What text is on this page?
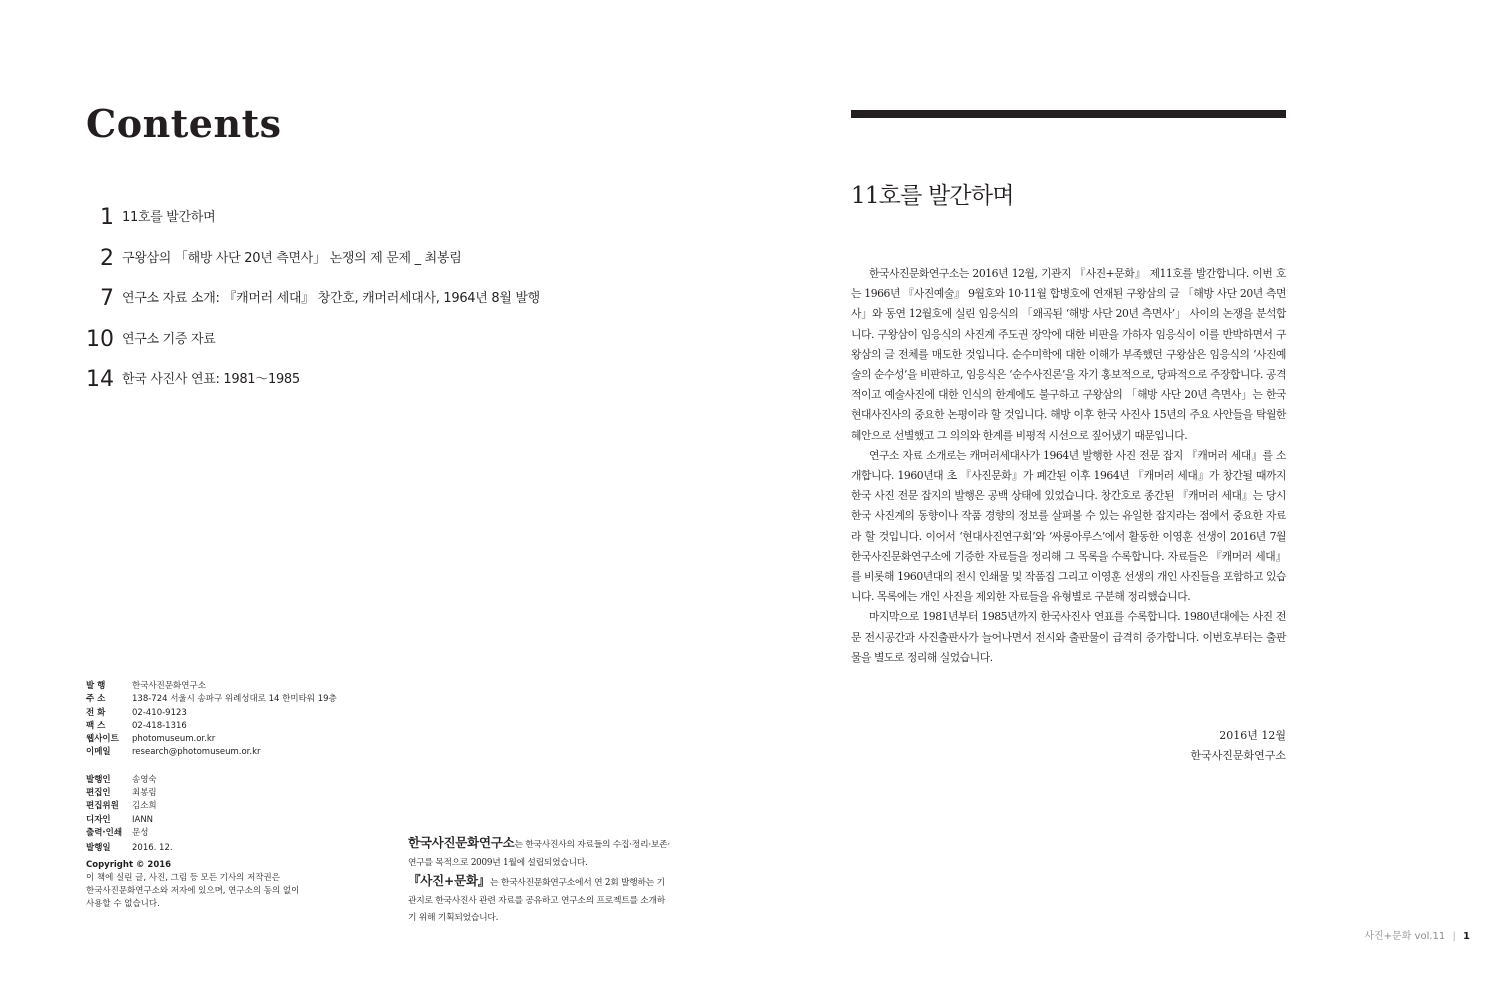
Contents
1 11호를 발간하며
2 구왕삼의 「해방 사단 20년 측면사」 논쟁의 제 문제 _ 최봉림
7 연구소 자료 소개: 『캐머러 세대』 창간호, 캐머러세대사, 1964년 8월 발행
10 연구소 기증 자료
14 한국 사진사 연표: 1981〜1985
발 행	한국사진문화연구소
주 소	138-724 서울시 송파구 위례성대로 14 한미타워 19층
전 화	02-410-9123
팩 스	02-418-1316
웹사이트	photomuseum.or.kr
이메일	research@photomuseum.or.kr
발행인	송영숙
편집인	최봉림
편집위원	김소희
디자인	IANN
출력·인쇄	문성
발행일	2016. 12.
Copyright © 2016
이 책에 실린 글, 사진, 그림 등 모든 기사의 저작권은
한국사진문화연구소와 저자에 있으며, 연구소의 동의 없이
사용할 수 없습니다.
한국사진문화연구소는 한국사진사의 자료들의 수집·정리·보존·연구를 목적으로 2009년 1월에 설립되었습니다.
『사진+문화』는 한국사진문화연구소에서 연 2회 발행하는 기관지로 한국사진사 관련 자료를 공유하고 연구소의 프로젝트를 소개하기 위해 기획되었습니다.
11호를 발간하며

한국사진문화연구소는 2016년 12월, 기관지 『사진+문화』 제11호를 발간합니다. 이번 호는 1966년 『사진예술』 9월호와 10·11월 합병호에 연재된 구왕삼의 글 「해방 사단 20년 측면사」와 동연 12월호에 실린 임응식의 「왜곡된 ‘해방 사단 20년 측면사’」 사이의 논쟁을 분석합니다. 구왕삼이 임응식의 사진계 주도권 장악에 대한 비판을 가하자 임응식이 이를 반박하면서 구왕삼의 글 전체를 매도한 것입니다. 순수미학에 대한 이해가 부족했던 구왕삼은 임응식의 ‘사진예술의 순수성’을 비판하고, 임응식은 ‘순수사진론’을 자기 홍보적으로, 당파적으로 주장합니다. 공격적이고 예술사진에 대한 인식의 한계에도 불구하고 구왕삼의 「해방 사단 20년 측면사」는 한국 현대사진사의 중요한 논평이라 할 것입니다. 해방 이후 한국 사진사 15년의 주요 사안들을 탁월한 혜안으로 선별했고 그 의의와 한계를 비평적 시선으로 짚어냈기 때문입니다.

연구소 자료 소개로는 캐머러세대사가 1964년 발행한 사진 전문 잡지 『캐머러 세대』를 소개합니다. 1960년대 초 『사진문화』가 폐간된 이후 1964년 『캐머러 세대』가 창간될 때까지 한국 사진 전문 잡지의 발행은 공백 상태에 있었습니다. 창간호로 종간된 『캐머러 세대』는 당시 한국 사진계의 동향이나 작품 경향의 정보를 살펴볼 수 있는 유일한 잡지라는 점에서 중요한 자료라 할 것입니다. 이어서 ‘현대사진연구회’와 ‘싸롱아루스’에서 활동한 이영훈 선생이 2016년 7월 한국사진문화연구소에 기증한 자료들을 정리해 그 목록을 수록합니다. 자료들은 『캐머러 세대』를 비롯해 1960년대의 전시 인쇄물 및 작품집 그리고 이영훈 선생의 개인 사진들을 포함하고 있습니다. 목록에는 개인 사진을 제외한 자료들을 유형별로 구분해 정리했습니다.

마지막으로 1981년부터 1985년까지 한국사진사 연표를 수록합니다. 1980년대에는 사진 전문 전시공간과 사진출판사가 늘어나면서 전시와 출판물이 급격히 증가합니다. 이번호부터는 출판물을 별도로 정리해 실었습니다.

2016년 12월
한국사진문화연구소
사진+문화 vol.11 | 1
